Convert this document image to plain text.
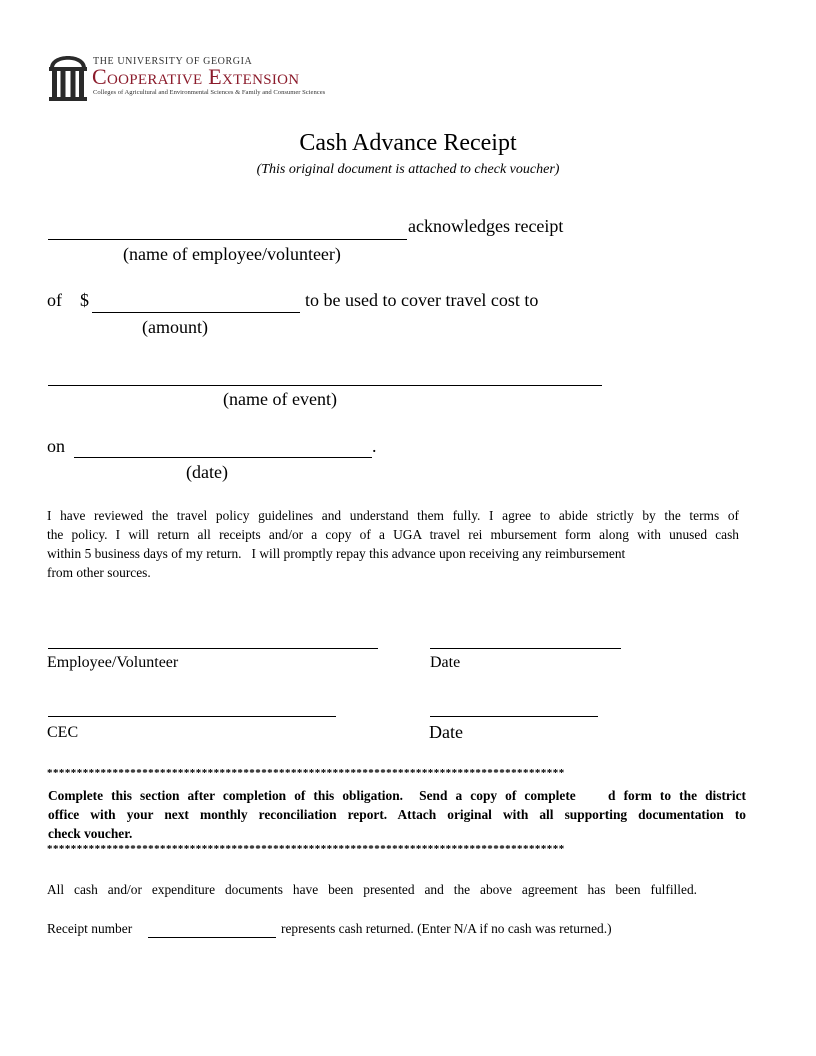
THE UNIVERSITY OF GEORGIA
Cooperative Extension
Colleges of Agricultural and Environmental Sciences & Family and Consumer Sciences
Cash Advance Receipt
(This original document is attached to check voucher)
acknowledges receipt
(name of employee/volunteer)
of $	to be used to cover travel cost to
(amount)
(name of event)
on	.
(date)
I have reviewed the travel policy guidelines and understand them fully. I agree to abide strictly by the terms of
the policy. I will return all receipts and/or a copy of a UGA travel rei mbursement form along with unused cash
within 5 business days of my return.   I will promptly repay this advance upon receiving any reimbursement
from other sources.
Employee/Volunteer	Date
CEC	Date
***************************************************************************************
Complete this section after completion of this obligation.  Send a copy of complete    d form to the district
office with your next monthly reconciliation report. Attach original with all supporting documentation to
check voucher.
***************************************************************************************
All cash and/or expenditure documents have been presented and the above agreement has been fulfilled.
Receipt number	represents cash returned. (Enter N/A if no cash was returned.)
